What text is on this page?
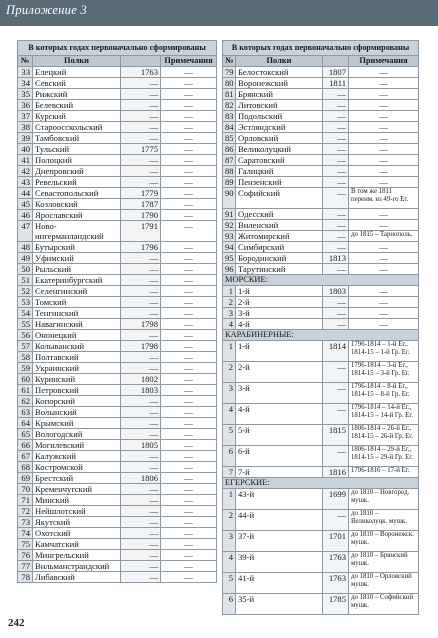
Приложение 3
В которых годах первоначально сформированы			
№	Полки		Примечания
33	Елецкий	1763	—
34	Севский	—	—
35	Рижский	—	—
36	Белевский	—	—
37	Курский	—	—
38	Староосскольский	—	—
39	Тамбовский	—	—
40	Тульский	1775	—
41	Полоцкий	—	—
42	Днепровский	—	—
43	Ревельский	—	—
44	Севастопольский	1779	—
45	Козловский	1787	—
46	Ярославский	1790	—
47	Ново-ингерманландский	1791	—
48	Бутырский	1796	—
49	Уфимский	—	—
50	Рыльский	—	—
51	Екатеринбургский	—	—
52	Селенгинский	—	—
53	Томский	—	—
54	Тенгинский	—	—
55	Навагинский	1798	—
56	Ононецкий	—	—
57	Колыванский	1798	—
58	Полтавский	—	—
59	Украинский	—	—
60	Куринский	1802	—
61	Петровский	1803	—
62	Копорский	—	—
63	Волынский	—	—
64	Крымский	—	—
65	Вологодский	—	—
66	Могилевский	1805	—
67	Калужский	—	—
68	Костромской	—	—
69	Брестский	1806	—
70	Кременчугский	—	—
71	Минский	—	—
72	Нейшлотский	—	—
73	Якутский	—	—
74	Охотский	—	—
75	Камчатский	—	—
76	Мингрельский	—	—
77	Вильманстрандский	—	—
78	Либавский	—	—
В которых годах первоначально сформированы			
№	Полки		Примечания
79	Белостокский	1807	—
80	Воронежский	1811	—
81	Брянский	—	—
82	Литовский	—	—
83	Подольский	—	—
84	Эстляндский	—	—
85	Орловский	—	—
86	Великолуцкий	—	—
87	Саратовский	—	—
88	Галицкий	—	—
89	Пензенский	—	—
90	Софийский	—	В том же 1811 переим. из 49-го Ег.
91	Одесский	—	—
92	Виленский	—	—
93	Житомирский	—	до 1815 – Тарнополь.
94	Симбирский	—	—
95	Бородинский	1813	—
96	Тарутинский	—	—
МОРСКИЕ:			
1	1-й	1803	—
2	2-й	—	—
3	3-й	—	—
4	4-й	—	—
КАРАБИНЕРНЫЕ:			
1	1-й	1814	1796-1814 – 1-й Ег., 1814-15 – 1-й Гр. Ег.
2	2-й	—	1796-1814 – 3-й Ег., 1814-15 – 3-й Гр. Ег.
3	3-й	—	1796-1814 – 8-й Ег., 1814-15 – 8-й Гр. Ег.
4	4-й	—	1796-1814 – 14-й Ег., 1814-15 – 14-й Гр. Ег.
5	5-й	1815	1806-1814 – 26-й Ег., 1814-15 – 26-й Гр. Ег.
6	6-й	—	1806-1814 – 29-й Ег., 1814-15 – 29-й Гр. Ег.
7	7-й	1816	1796-1816 – 17-й Ег.
ЕГЕРСКИЕ:			
1	43-й	1699	до 1810 – Новгород. мушк.
2	44-й	—	до 1810 – Великолуцк. мушк.
3	37-й	1701	до 1810 – Воронежск. мушк.
4	39-й	1763	до 1810 – Брянский мушк.
5	41-й	1763	до 1810 – Орловский мушк.
6	35-й	1785	до 1810 – Софийский мушк.
242
